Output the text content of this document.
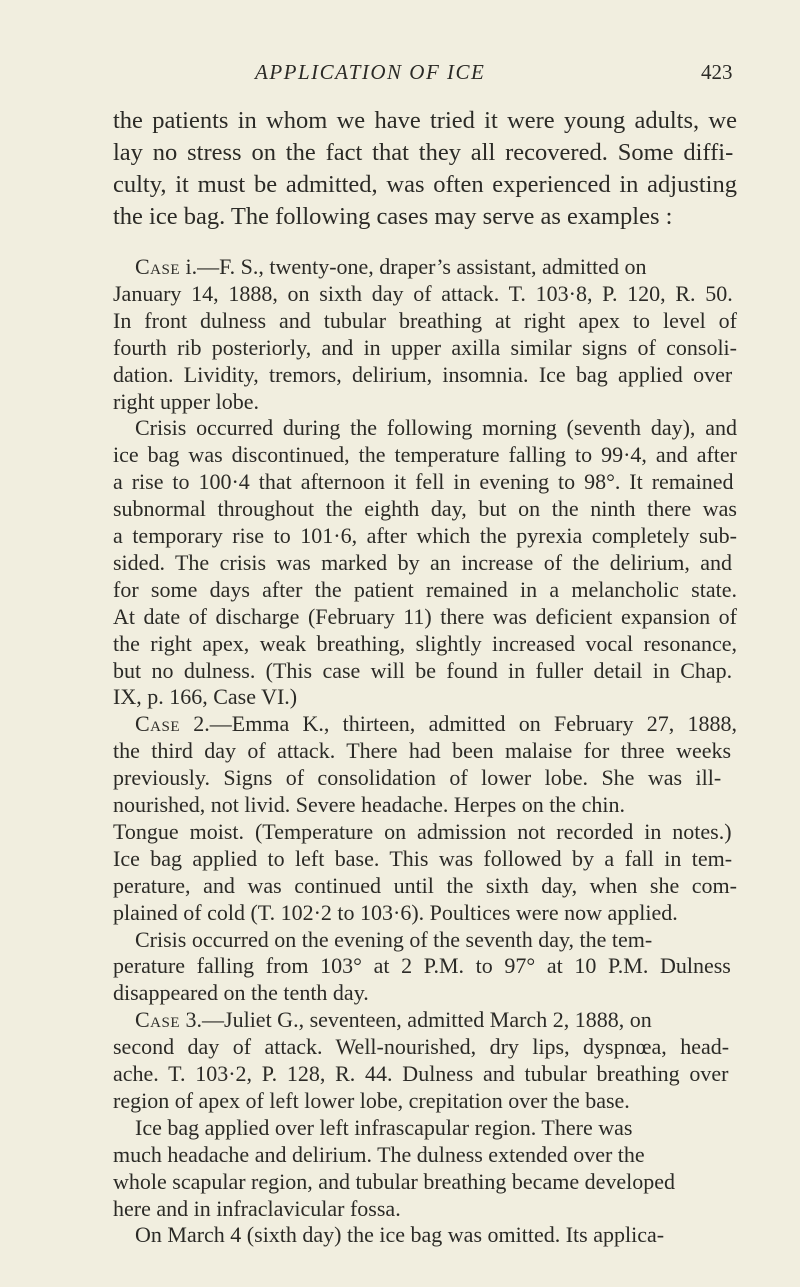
APPLICATION OF ICE	423
the patients in whom we have tried it were young adults, we
lay no stress on the fact that they all recovered. Some diffi-
culty, it must be admitted, was often experienced in adjusting
the ice bag. The following cases may serve as examples :
Case i.—F. S., twenty-one, draper’s assistant, admitted on
January 14, 1888, on sixth day of attack. T. 103·8, P. 120, R. 50.
In front dulness and tubular breathing at right apex to level of
fourth rib posteriorly, and in upper axilla similar signs of consoli-
dation. Lividity, tremors, delirium, insomnia. Ice bag applied over
right upper lobe.
Crisis occurred during the following morning (seventh day), and
ice bag was discontinued, the temperature falling to 99·4, and after
a rise to 100·4 that afternoon it fell in evening to 98°. It remained
subnormal throughout the eighth day, but on the ninth there was
a temporary rise to 101·6, after which the pyrexia completely sub-
sided. The crisis was marked by an increase of the delirium, and
for some days after the patient remained in a melancholic state.
At date of discharge (February 11) there was deficient expansion of
the right apex, weak breathing, slightly increased vocal resonance,
but no dulness. (This case will be found in fuller detail in Chap.
IX, p. 166, Case VI.)
Case 2.—Emma K., thirteen, admitted on February 27, 1888,
the third day of attack. There had been malaise for three weeks
previously. Signs of consolidation of lower lobe. She was ill-
nourished, not livid. Severe headache. Herpes on the chin.
Tongue moist. (Temperature on admission not recorded in notes.)
Ice bag applied to left base. This was followed by a fall in tem-
perature, and was continued until the sixth day, when she com-
plained of cold (T. 102·2 to 103·6). Poultices were now applied.
Crisis occurred on the evening of the seventh day, the tem-
perature falling from 103° at 2 P.M. to 97° at 10 P.M. Dulness
disappeared on the tenth day.
Case 3.—Juliet G., seventeen, admitted March 2, 1888, on
second day of attack. Well-nourished, dry lips, dyspnœa, head-
ache. T. 103·2, P. 128, R. 44. Dulness and tubular breathing over
region of apex of left lower lobe, crepitation over the base.
Ice bag applied over left infrascapular region. There was
much headache and delirium. The dulness extended over the
whole scapular region, and tubular breathing became developed
here and in infraclavicular fossa.
On March 4 (sixth day) the ice bag was omitted. Its applica-
